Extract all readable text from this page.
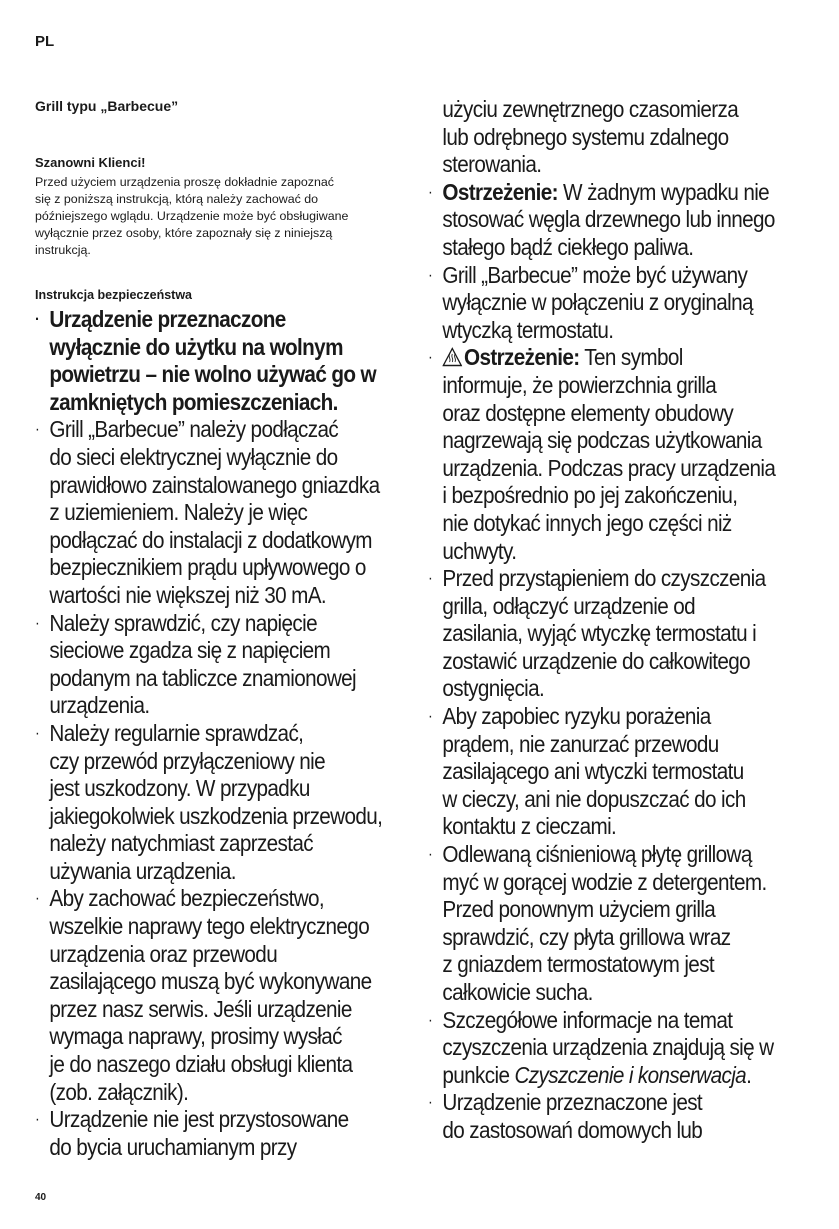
PL
Grill typu „Barbecue”
Szanowni Klienci!
Przed użyciem urządzenia proszę dokładnie zapoznać
się z poniższą instrukcją, którą należy zachować do
późniejszego wglądu. Urządzenie może być obsługiwane
wyłącznie przez osoby, które zapoznały się z niniejszą
instrukcją.
Instrukcja bezpieczeństwa
· Urządzenie przeznaczone
wyłącznie do użytku na wolnym
powietrzu – nie wolno używać go w
zamkniętych pomieszczeniach.
· Grill „Barbecue” należy podłączać
do sieci elektrycznej wyłącznie do
prawidłowo zainstalowanego gniazdka
z uziemieniem. Należy je więc
podłączać do instalacji z dodatkowym
bezpiecznikiem prądu upływowego o
wartości nie większej niż 30 mA.
· Należy sprawdzić, czy napięcie
sieciowe zgadza się z napięciem
podanym na tabliczce znamionowej
urządzenia.
· Należy regularnie sprawdzać,
czy przewód przyłączeniowy nie
jest uszkodzony. W przypadku
jakiegokolwiek uszkodzenia przewodu,
należy natychmiast zaprzestać
używania urządzenia.
· Aby zachować bezpieczeństwo,
wszelkie naprawy tego elektrycznego
urządzenia oraz przewodu
zasilającego muszą być wykonywane
przez nasz serwis. Jeśli urządzenie
wymaga naprawy, prosimy wysłać
je do naszego działu obsługi klienta
(zob. załącznik).
· Urządzenie nie jest przystosowane
do bycia uruchamianym przy
użyciu zewnętrznego czasomierza
lub odrębnego systemu zdalnego
sterowania.
· Ostrzeżenie: W żadnym wypadku nie
stosować węgla drzewnego lub innego
stałego bądź ciekłego paliwa.
· Grill „Barbecue” może być używany
wyłącznie w połączeniu z oryginalną
wtyczką termostatu.
·	Ostrzeżenie: Ten symbol
informuje, że powierzchnia grilla
oraz dostępne elementy obudowy
nagrzewają się podczas użytkowania
urządzenia. Podczas pracy urządzenia
i bezpośrednio po jej zakończeniu,
nie dotykać innych jego części niż
uchwyty.
· Przed przystąpieniem do czyszczenia
grilla, odłączyć urządzenie od
zasilania, wyjąć wtyczkę termostatu i
zostawić urządzenie do całkowitego
ostygnięcia.
· Aby zapobiec ryzyku porażenia
prądem, nie zanurzać przewodu
zasilającego ani wtyczki termostatu
w cieczy, ani nie dopuszczać do ich
kontaktu z cieczami.
· Odlewaną ciśnieniową płytę grillową
myć w gorącej wodzie z detergentem.
Przed ponownym użyciem grilla
sprawdzić, czy płyta grillowa wraz
z gniazdem termostatowym jest
całkowicie sucha.
· Szczegółowe informacje na temat
czyszczenia urządzenia znajdują się w
punkcie Czyszczenie i konserwacja.
· Urządzenie przeznaczone jest
do zastosowań domowych lub
40
